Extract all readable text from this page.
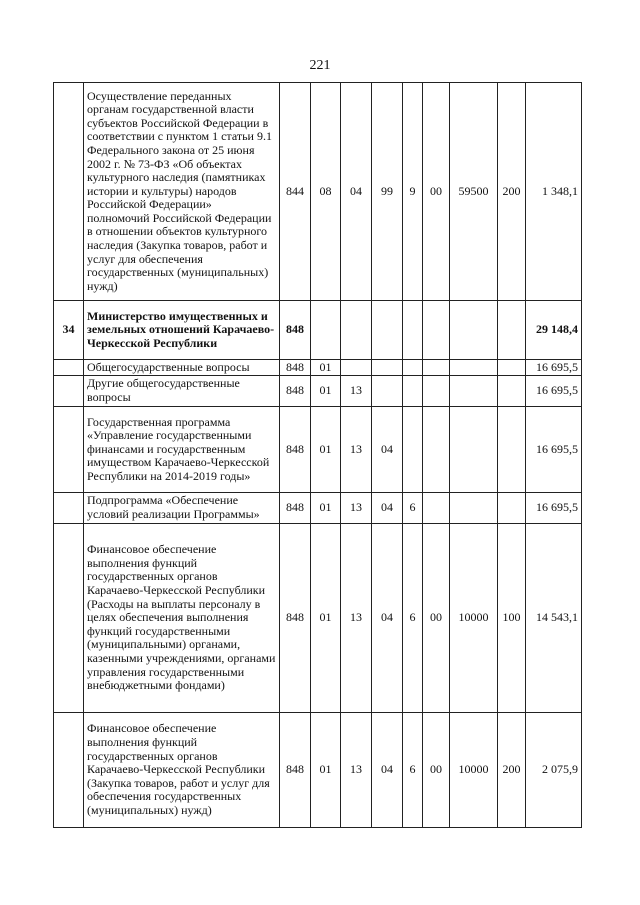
221
	Осуществление переданных органам государственной власти субъектов Российской Федерации в соответствии с пунктом 1 статьи 9.1 Федерального закона от 25 июня 2002 г. № 73-ФЗ «Об объектах культурного наследия (памятниках истории и культуры) народов Российской Федерации» полномочий Российской Федерации в отношении объектов культурного наследия (Закупка товаров, работ и услуг для обеспечения государственных (муниципальных) нужд)	844	08	04	99	9	00	59500	200	1 348,1
34	Министерство имущественных и земельных отношений Карачаево-Черкесской Республики	848								29 148,4
	Общегосударственные вопросы	848	01							16 695,5
	Другие общегосударственные вопросы	848	01	13						16 695,5
	Государственная программа «Управление государственными финансами и государственным имуществом Карачаево-Черкесской Республики на 2014-2019 годы»	848	01	13	04					16 695,5
	Подпрограмма «Обеспечение условий реализации Программы»	848	01	13	04	6				16 695,5
	Финансовое обеспечение выполнения функций государственных органов Карачаево-Черкесской Республики (Расходы на выплаты персоналу в целях обеспечения выполнения функций государственными (муниципальными) органами, казенными учреждениями, органами управления государственными внебюджетными фондами)	848	01	13	04	6	00	10000	100	14 543,1
	Финансовое обеспечение выполнения функций государственных органов Карачаево-Черкесской Республики (Закупка товаров, работ и услуг для обеспечения государственных (муниципальных) нужд)	848	01	13	04	6	00	10000	200	2 075,9
